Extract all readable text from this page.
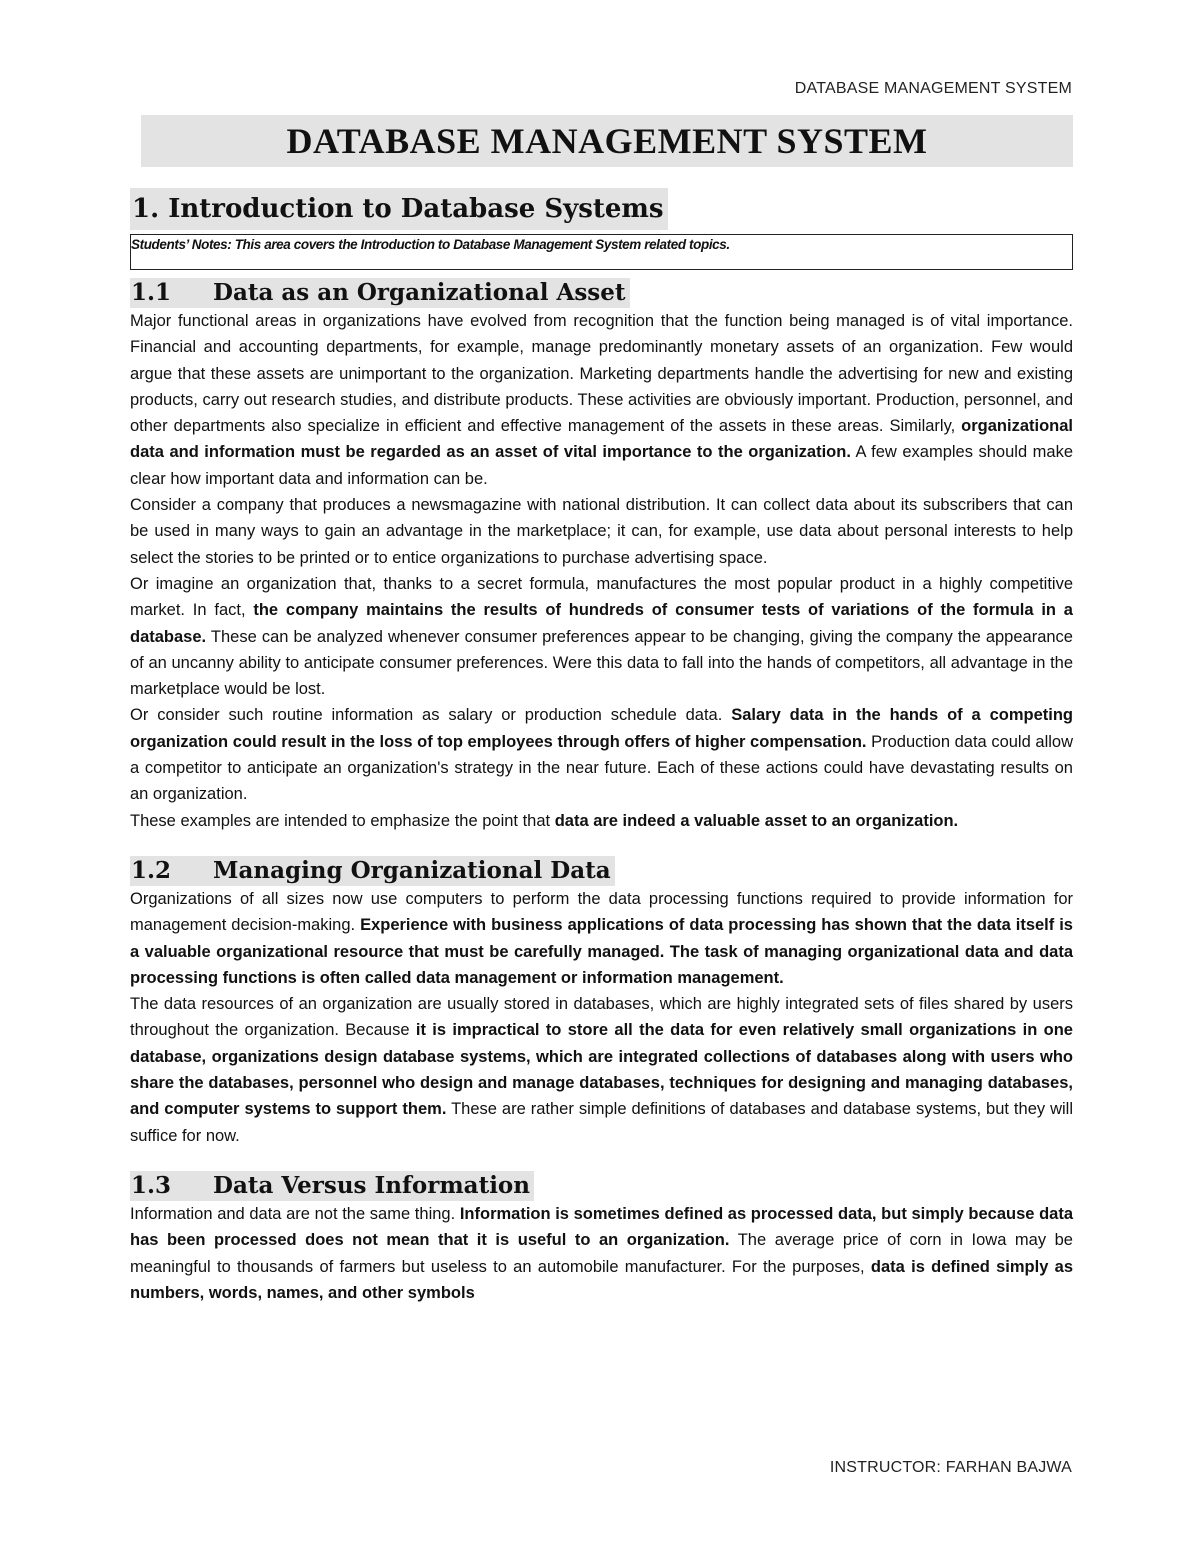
DATABASE MANAGEMENT SYSTEM
DATABASE MANAGEMENT SYSTEM
1. Introduction to Database Systems
Students’ Notes: This area covers the Introduction to Database Management System related topics.
1.1 Data as an Organizational Asset

Major functional areas in organizations have evolved from recognition that the function being managed is of vital importance. Financial and accounting departments, for example, manage predominantly monetary assets of an organization. Few would argue that these assets are unimportant to the organization. Marketing departments handle the advertising for new and existing products, carry out research studies, and distribute products. These activities are obviously important. Production, personnel, and other departments also specialize in efficient and effective management of the assets in these areas. Similarly, organizational data and information must be regarded as an asset of vital importance to the organization. A few examples should make clear how important data and information can be.

Consider a company that produces a newsmagazine with national distribution. It can collect data about its subscribers that can be used in many ways to gain an advantage in the marketplace; it can, for example, use data about personal interests to help select the stories to be printed or to entice organizations to purchase advertising space.

Or imagine an organization that, thanks to a secret formula, manufactures the most popular product in a highly competitive market. In fact, the company maintains the results of hundreds of consumer tests of variations of the formula in a database. These can be analyzed whenever consumer preferences appear to be changing, giving the company the appearance of an uncanny ability to anticipate consumer preferences. Were this data to fall into the hands of competitors, all advantage in the marketplace would be lost.

Or consider such routine information as salary or production schedule data. Salary data in the hands of a competing organization could result in the loss of top employees through offers of higher compensation. Production data could allow a competitor to anticipate an organization's strategy in the near future. Each of these actions could have devastating results on an organization.

These examples are intended to emphasize the point that data are indeed a valuable asset to an organization.

1.2 Managing Organizational Data

Organizations of all sizes now use computers to perform the data processing functions required to provide information for management decision-making. Experience with business applications of data processing has shown that the data itself is a valuable organizational resource that must be carefully managed. The task of managing organizational data and data processing functions is often called data management or information management.

The data resources of an organization are usually stored in databases, which are highly integrated sets of files shared by users throughout the organization. Because it is impractical to store all the data for even relatively small organizations in one database, organizations design database systems, which are integrated collections of databases along with users who share the databases, personnel who design and manage databases, techniques for designing and managing databases, and computer systems to support them. These are rather simple definitions of databases and database systems, but they will suffice for now.

1.3 Data Versus Information

Information and data are not the same thing. Information is sometimes defined as processed data, but simply because data has been processed does not mean that it is useful to an organization. The average price of corn in Iowa may be meaningful to thousands of farmers but useless to an automobile manufacturer. For the purposes, data is defined simply as numbers, words, names, and other symbols

INSTRUCTOR: FARHAN BAJWA
